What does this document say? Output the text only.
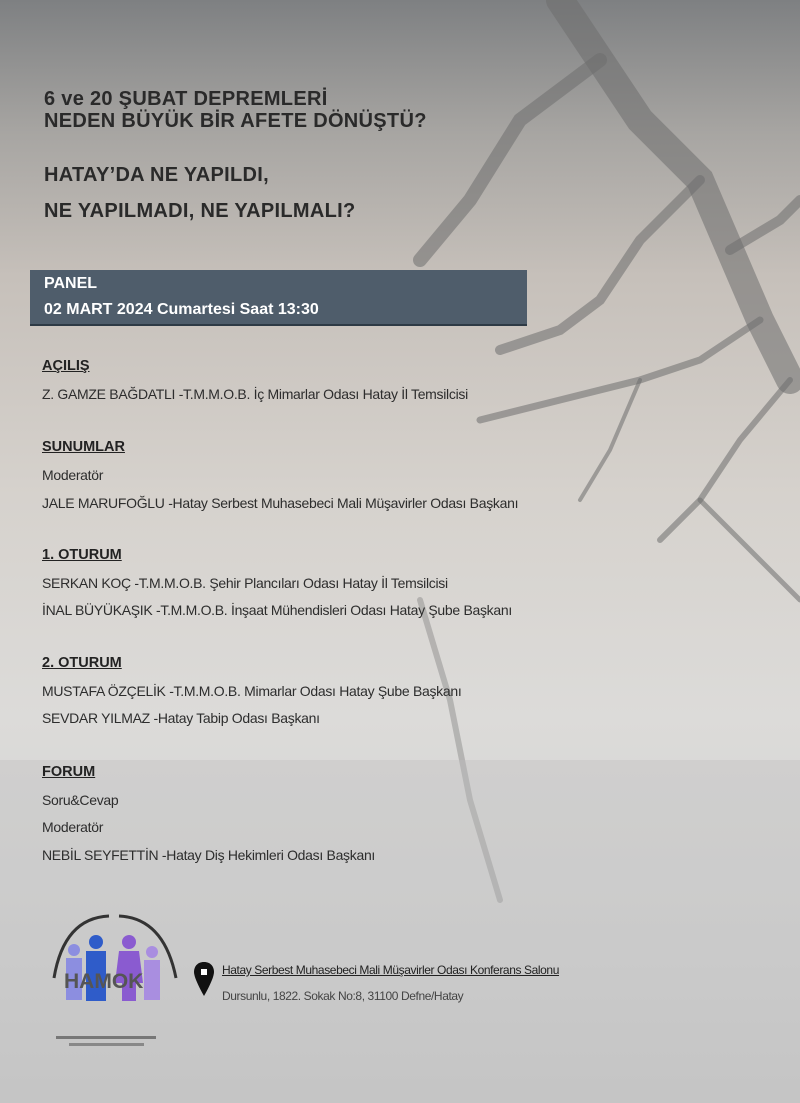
6 ve 20 ŞUBAT DEPREMLERİ
NEDEN BÜYÜK BİR AFETE DÖNÜŞTÜ?
HATAY’DA NE YAPILDI,
NE YAPILMADI, NE YAPILMALI?
PANEL
02 MART 2024 Cumartesi Saat 13:30
AÇILIŞ
Z. GAMZE BAĞDATLI -T.M.M.O.B. İç Mimarlar Odası Hatay İl Temsilcisi
SUNUMLAR
Moderatör
JALE MARUFOĞLU -Hatay Serbest Muhasebeci Mali Müşavirler Odası Başkanı
1. OTURUM
SERKAN KOÇ -T.M.M.O.B. Şehir Plancıları Odası Hatay İl Temsilcisi
İNAL BÜYÜKAŞIK -T.M.M.O.B. İnşaat Mühendisleri Odası Hatay Şube Başkanı
2. OTURUM
MUSTAFA ÖZÇELİK -T.M.M.O.B. Mimarlar Odası Hatay Şube Başkanı
SEVDAR YILMAZ -Hatay Tabip Odası Başkanı
FORUM
Soru&Cevap
Moderatör
NEBİL SEYFETTİN -Hatay Diş Hekimleri Odası Başkanı
HAMOK	Hatay Serbest Muhasebeci Mali Müşavirler Odası Konferans Salonu
Dursunlu, 1822. Sokak No:8, 31100 Defne/Hatay
